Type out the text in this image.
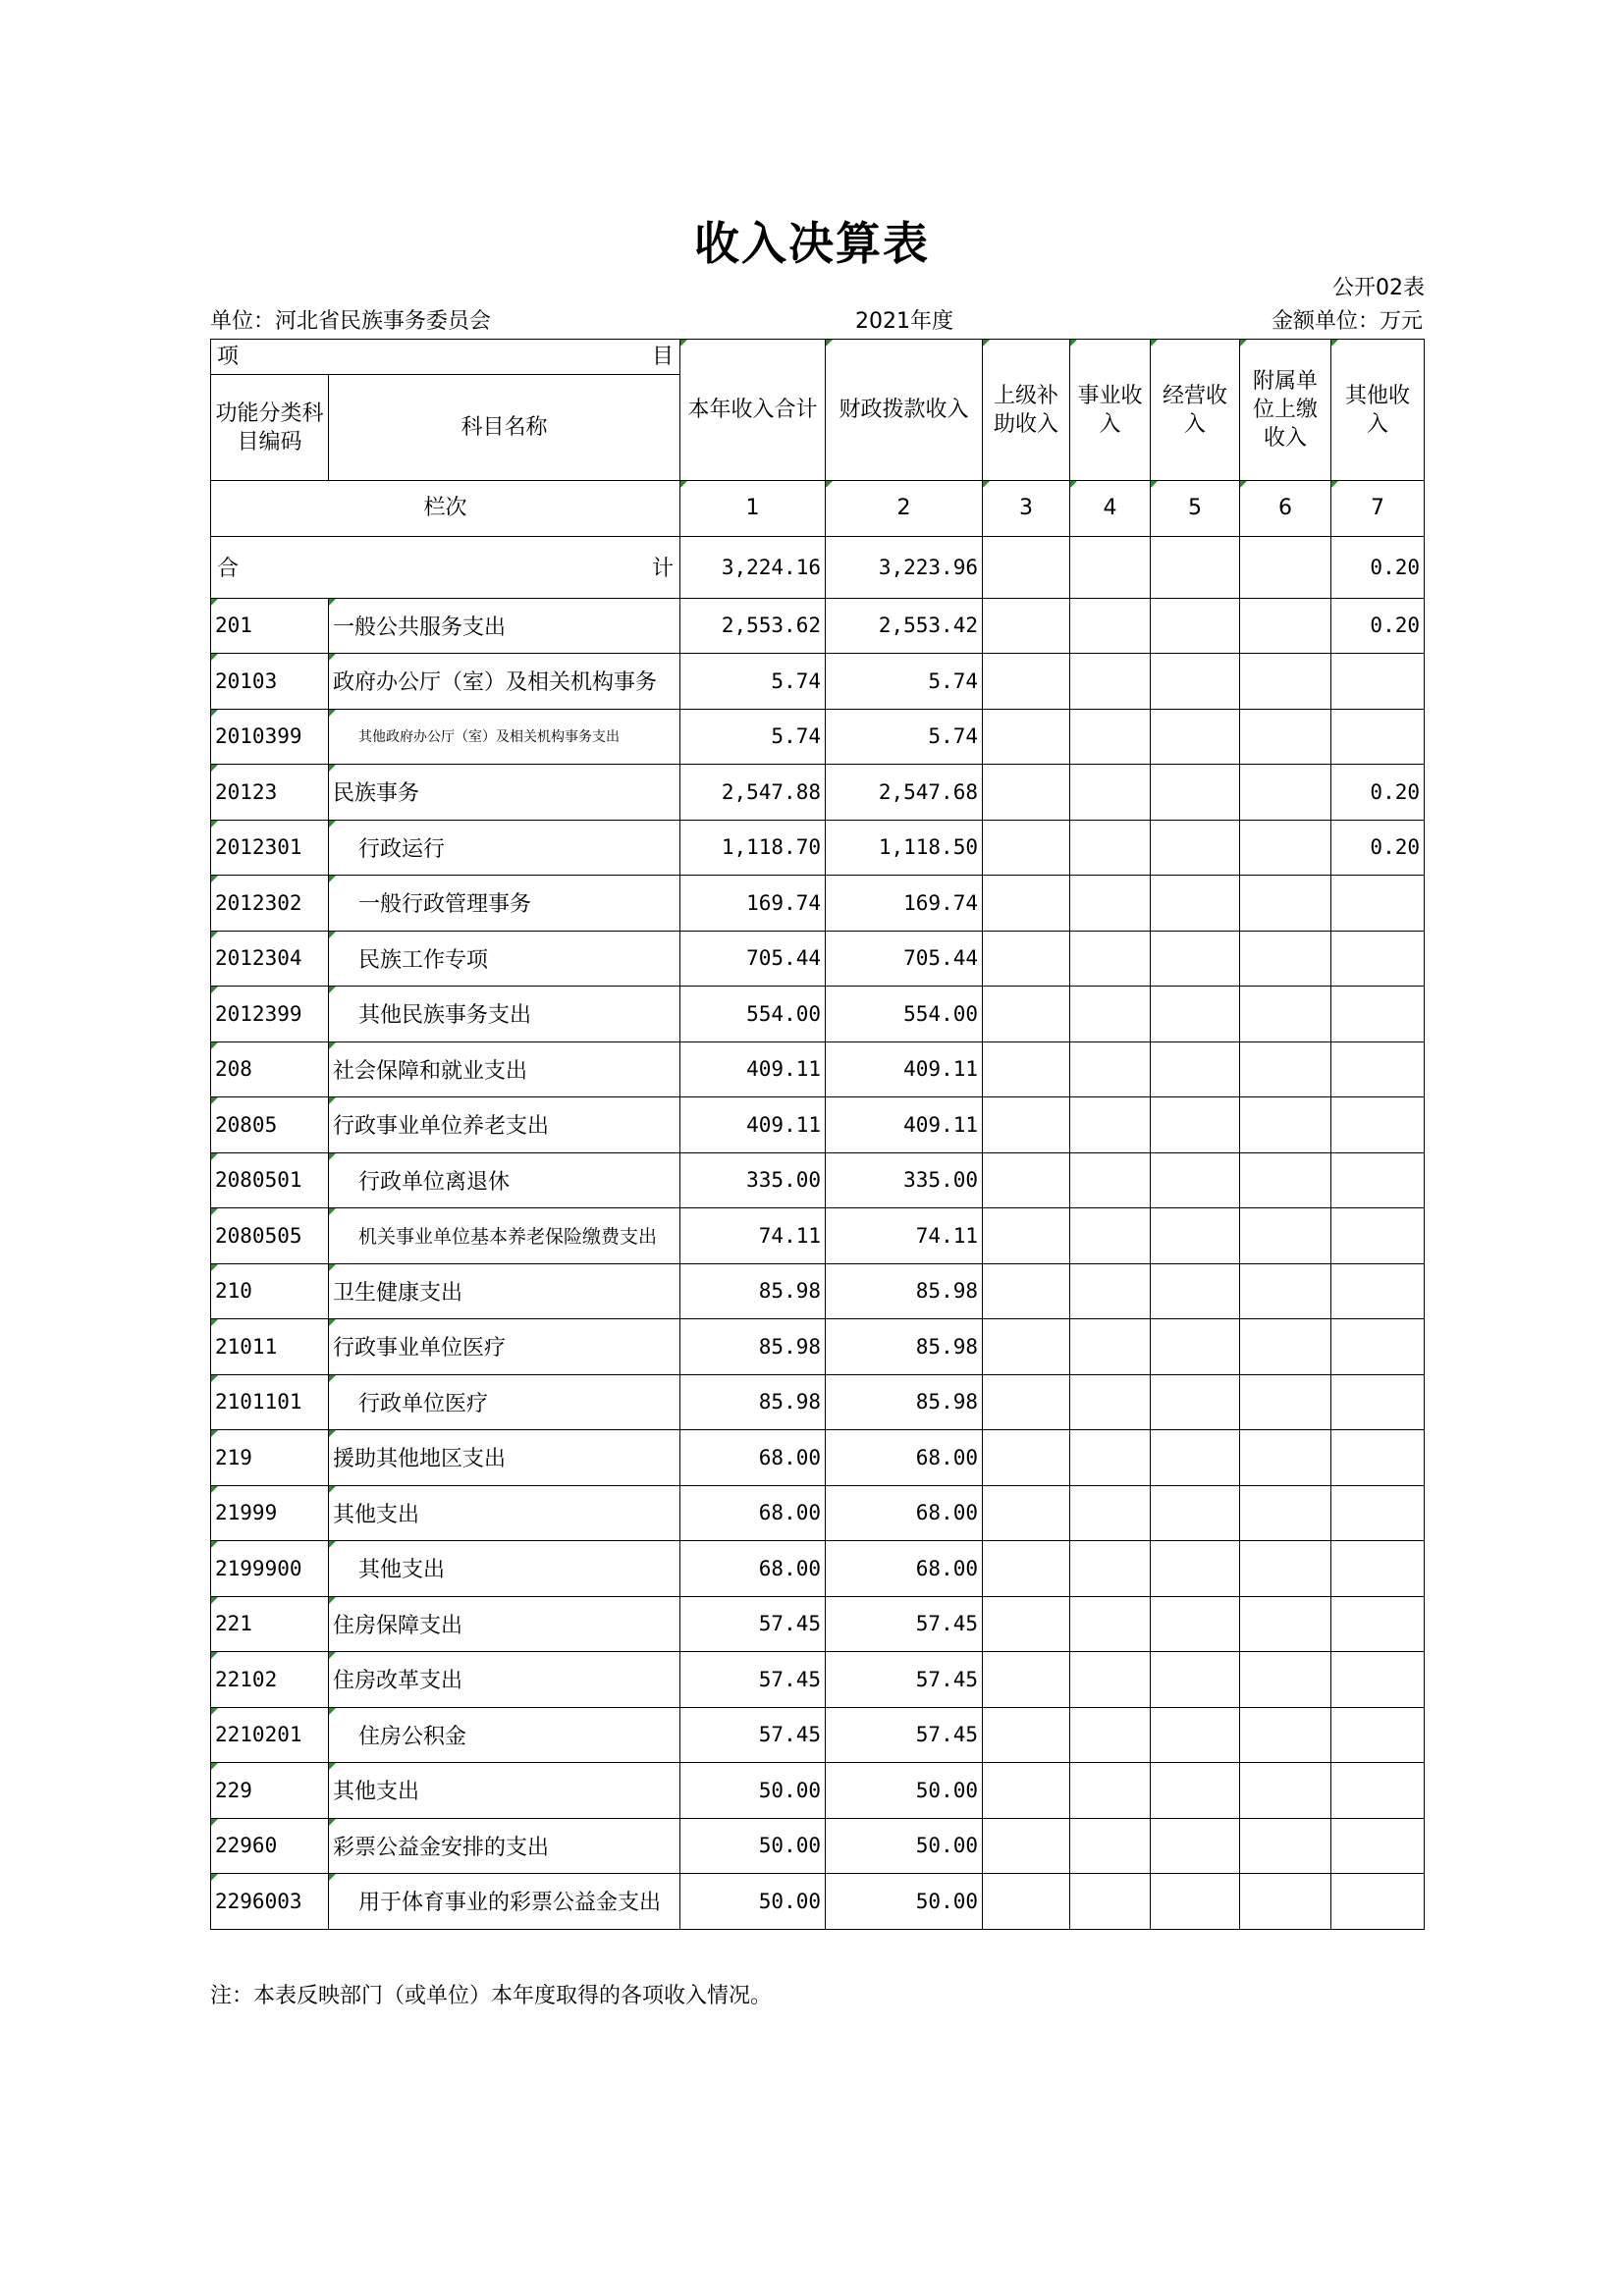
收入决算表
公开02表
单位：河北省民族事务委员会	2021年度	金额单位：万元
项 目		本年收入合计	财政拨款收入	上级补助收入	事业收入	经营收入	附属单位上缴收入	其他收入
功能分类科目编码	科目名称							
栏次		1	2	3	4	5	6	7

合 计		3,224.16	3,223.96					0.20
201	一般公共服务支出	2,553.62	2,553.42					0.20
20103	政府办公厅（室）及相关机构事务	5.74	5.74					
2010399	其他政府办公厅（室）及相关机构事务支出	5.74	5.74					
20123	民族事务	2,547.88	2,547.68					0.20
2012301	行政运行	1,118.70	1,118.50					0.20
2012302	一般行政管理事务	169.74	169.74					
2012304	民族工作专项	705.44	705.44					
2012399	其他民族事务支出	554.00	554.00					
208	社会保障和就业支出	409.11	409.11					
20805	行政事业单位养老支出	409.11	409.11					
2080501	行政单位离退休	335.00	335.00					
2080505	机关事业单位基本养老保险缴费支出	74.11	74.11					
210	卫生健康支出	85.98	85.98					
21011	行政事业单位医疗	85.98	85.98					
2101101	行政单位医疗	85.98	85.98					
219	援助其他地区支出	68.00	68.00					
21999	其他支出	68.00	68.00					
2199900	其他支出	68.00	68.00					
221	住房保障支出	57.45	57.45					
22102	住房改革支出	57.45	57.45					
2210201	住房公积金	57.45	57.45					
229	其他支出	50.00	50.00					
22960	彩票公益金安排的支出	50.00	50.00					
2296003	用于体育事业的彩票公益金支出	50.00	50.00					
注：本表反映部门（或单位）本年度取得的各项收入情况。
